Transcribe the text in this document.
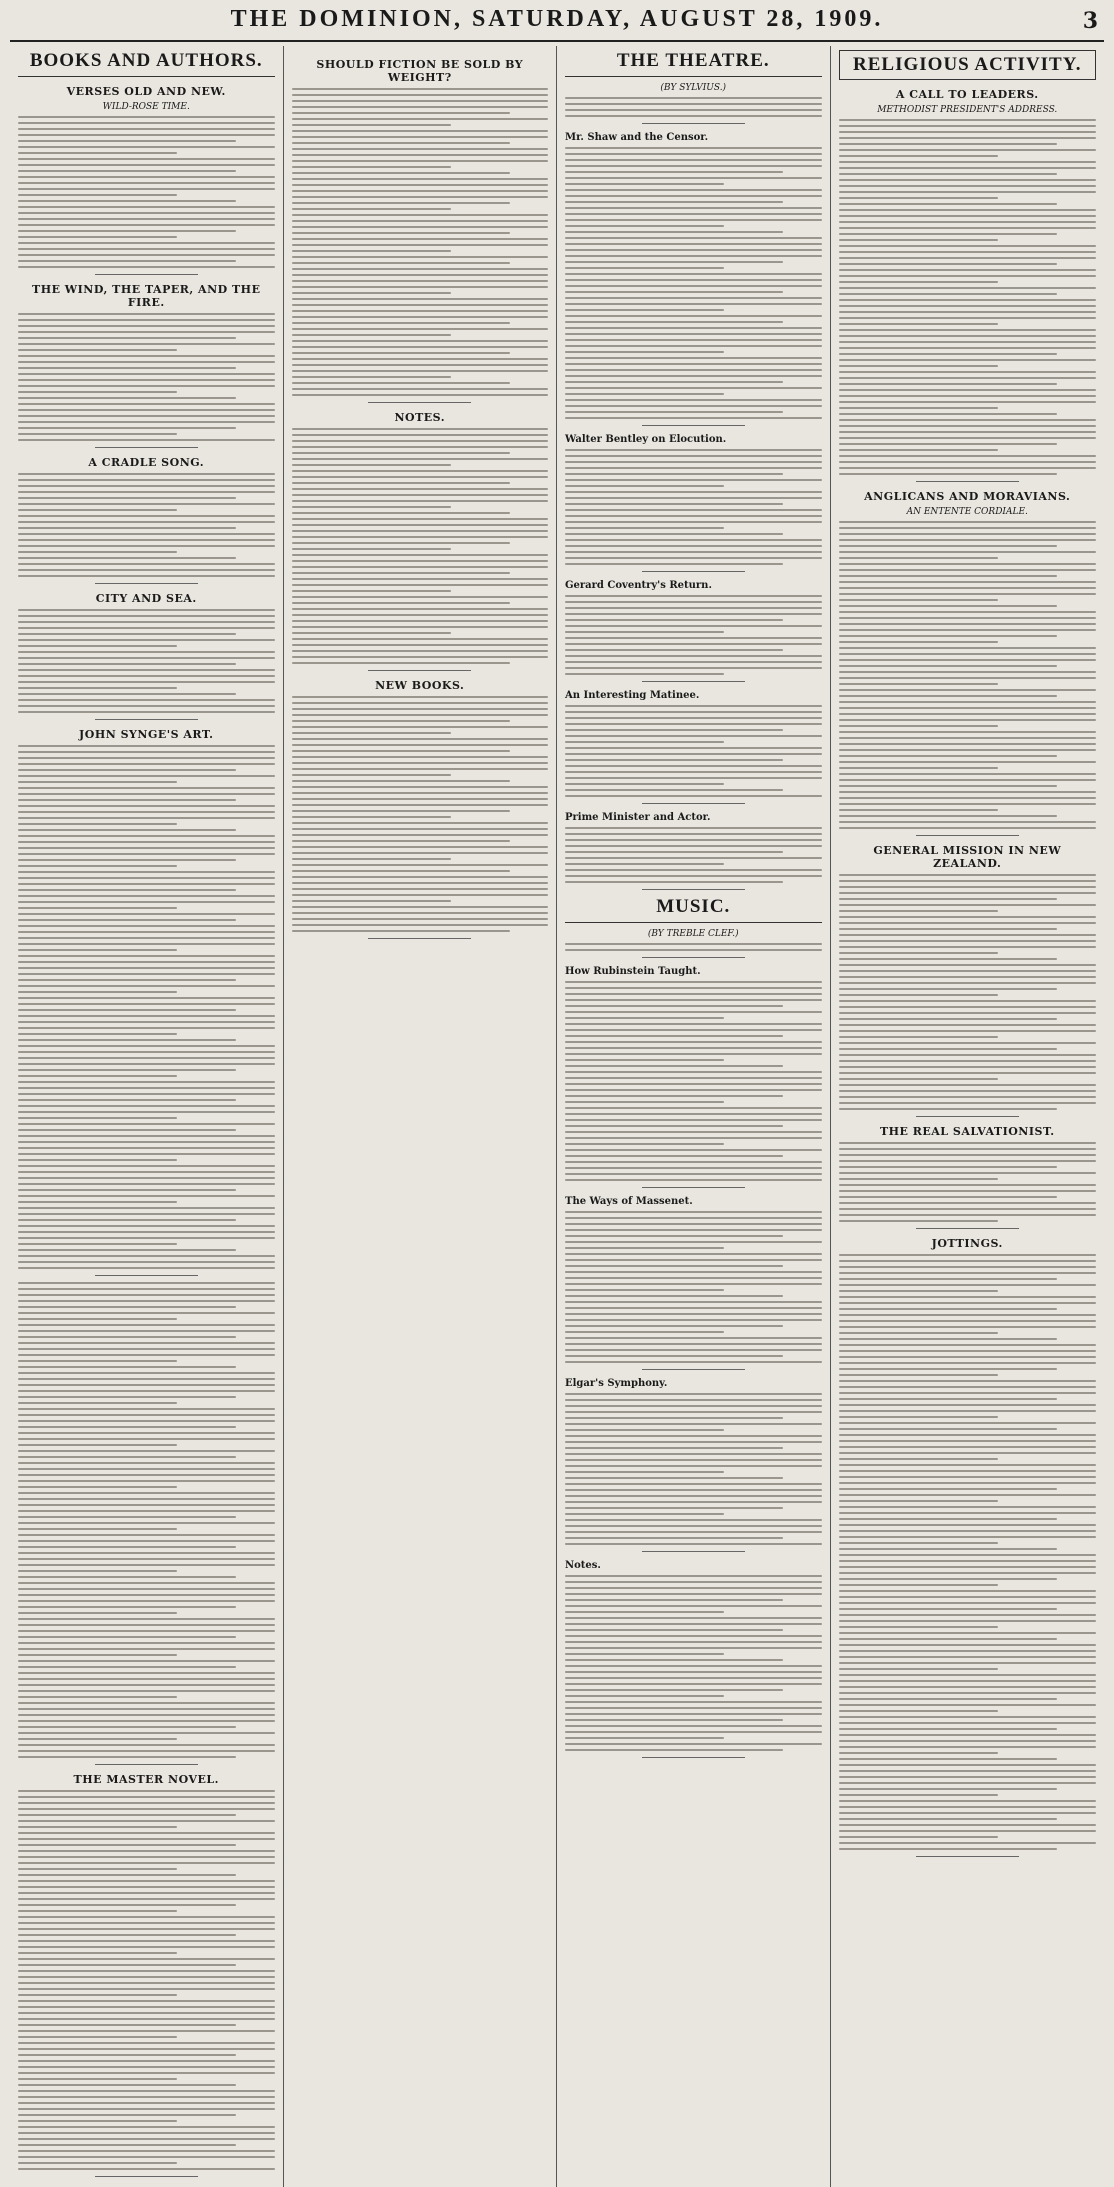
THE DOMINION, SATURDAY, AUGUST 28, 1909.	3
BOOKS AND AUTHORS.
VERSES OLD AND NEW.
WILD-ROSE TIME.
THE WIND, THE TAPER, AND THE FIRE.
A CRADLE SONG.
CITY AND SEA.
JOHN SYNGE'S ART.
THE MASTER NOVEL.
SHOULD FICTION BE SOLD BY WEIGHT?
NOTES.
NEW BOOKS.
THE THEATRE.
(BY SYLVIUS.)
Mr. Shaw and the Censor.
Walter Bentley on Elocution.
Gerard Coventry's Return.
An Interesting Matinee.
Prime Minister and Actor.
MUSIC.
(BY TREBLE CLEF.)
How Rubinstein Taught.
The Ways of Massenet.
Elgar's Symphony.
Notes.
RELIGIOUS ACTIVITY.
A CALL TO LEADERS.
METHODIST PRESIDENT'S ADDRESS.
ANGLICANS AND MORAVIANS.
AN ENTENTE CORDIALE.
GENERAL MISSION IN NEW ZEALAND.
THE REAL SALVATIONIST.
JOTTINGS.
